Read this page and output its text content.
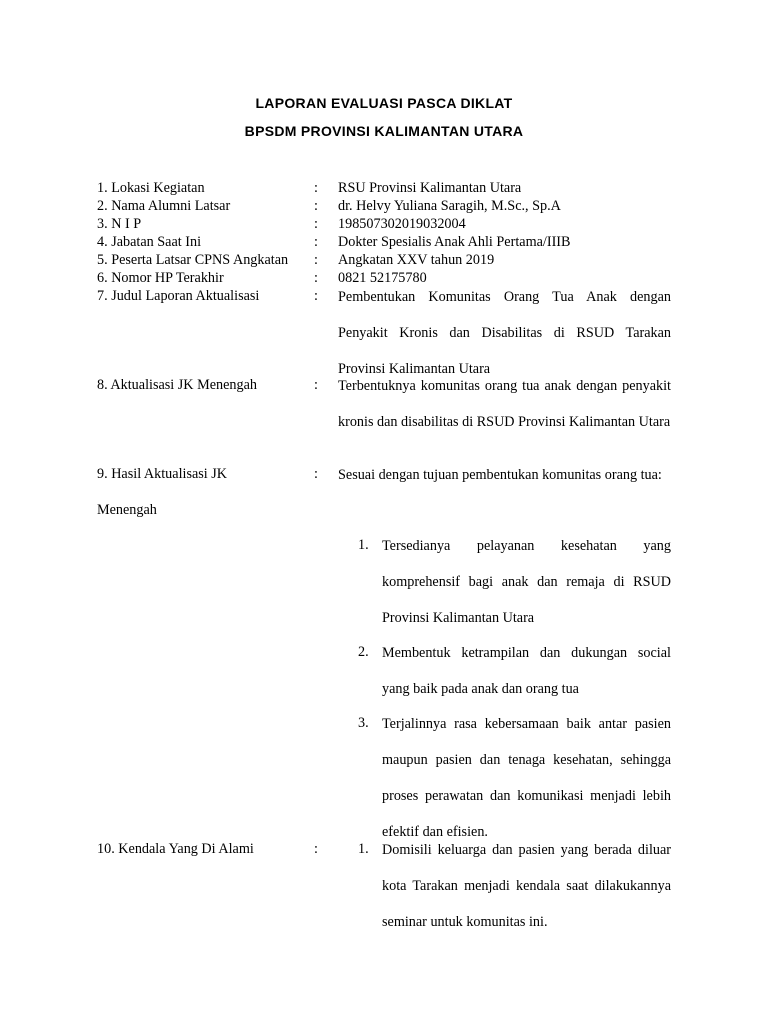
LAPORAN EVALUASI PASCA DIKLAT
BPSDM PROVINSI KALIMANTAN UTARA
1. Lokasi Kegiatan	: RSU Provinsi Kalimantan Utara
2. Nama Alumni Latsar	: dr. Helvy Yuliana Saragih, M.Sc., Sp.A
3. N I P	: 198507302019032004
4. Jabatan Saat Ini	: Dokter Spesialis Anak Ahli Pertama/IIIB
5. Peserta Latsar CPNS Angkatan : Angkatan XXV tahun 2019
6. Nomor HP Terakhir	: 0821 52175780
7. Judul Laporan Aktualisasi	: Pembentukan Komunitas Orang Tua Anak dengan Penyakit Kronis dan Disabilitas di RSUD Tarakan Provinsi Kalimantan Utara

8. Aktualisasi JK Menengah	: Terbentuknya komunitas orang tua anak dengan penyakit kronis dan disabilitas di RSUD Provinsi Kalimantan Utara

9. Hasil Aktualisasi JK
Menengah
: Sesuai dengan tujuan pembentukan komunitas orang tua:

1. Tersedianya pelayanan kesehatan yang komprehensif bagi anak dan remaja di RSUD Provinsi Kalimantan Utara

2. Membentuk ketrampilan dan dukungan social yang baik pada anak dan orang tua

3. Terjalinnya rasa kebersamaan baik antar pasien maupun pasien dan tenaga kesehatan, sehingga proses perawatan dan komunikasi menjadi lebih efektif dan efisien.

10. Kendala Yang Di Alami	:	1. Domisili keluarga dan pasien yang berada diluar kota Tarakan menjadi kendala saat dilakukannya seminar untuk komunitas ini.
